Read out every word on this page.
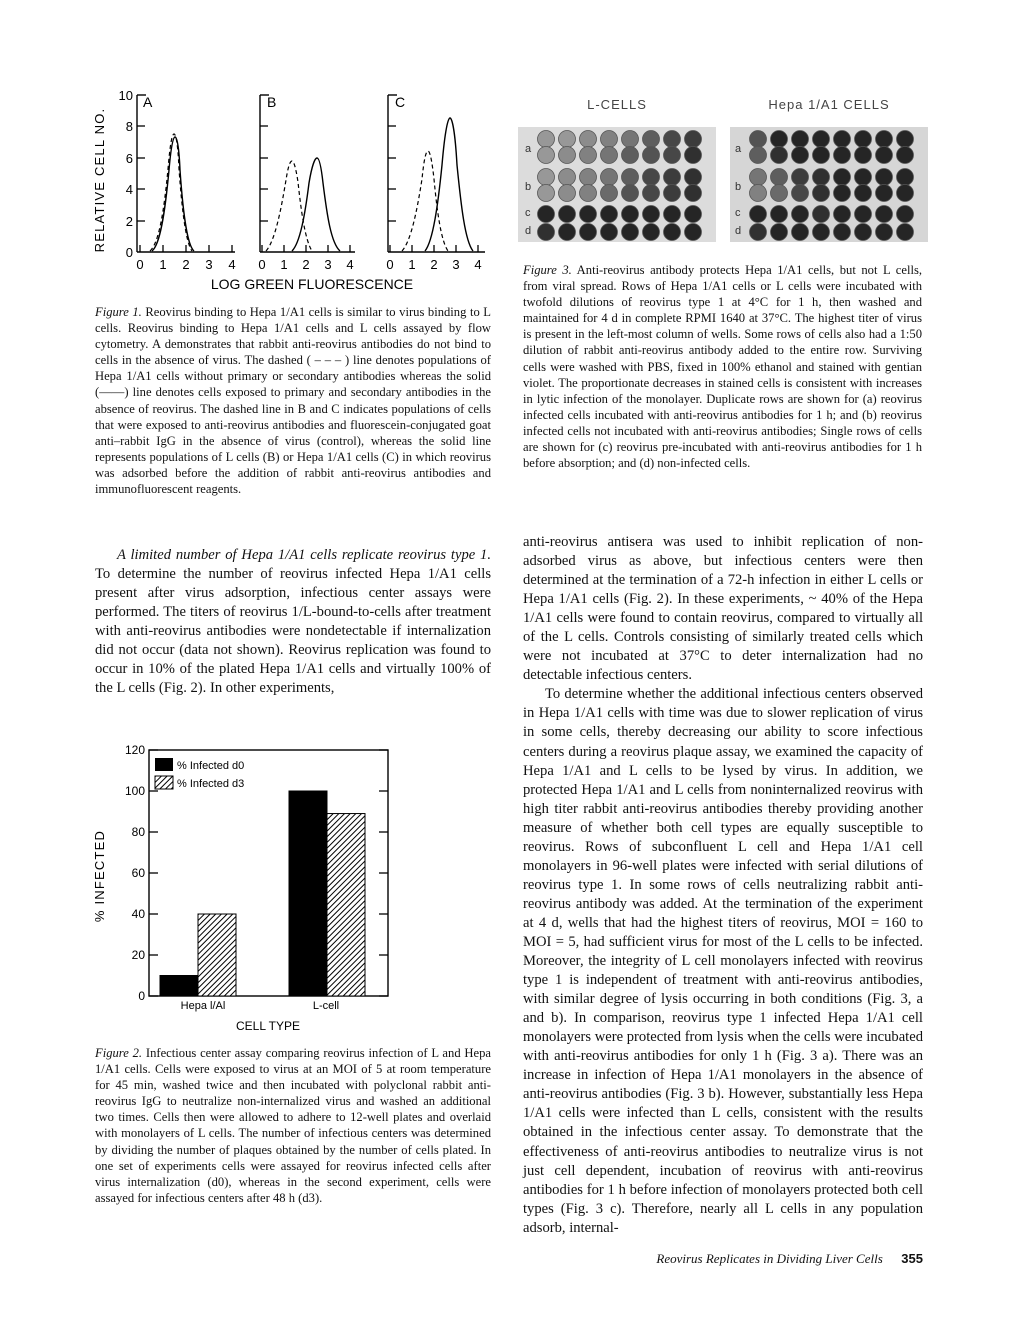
RELATIVE CELL NO.
0
2
4
6
8
10 A
0 1 2 3 4
B
0 1 2 3 4
C
0 1 2 3 4
LOG GREEN FLUORESCENCE
Figure 1. Reovirus binding to Hepa 1/A1 cells is similar to virus binding to L cells. Reovirus binding to Hepa 1/A1 cells and L cells assayed by flow cytometry. A demonstrates that rabbit anti-reovirus antibodies do not bind to cells in the absence of virus. The dashed ( – – – ) line denotes populations of Hepa 1/A1 cells without primary or secondary antibodies whereas the solid (——) line denotes cells exposed to primary and secondary antibodies in the absence of reovirus. The dashed line in B and C indicates populations of cells that were exposed to anti-reovirus antibodies and fluorescein-conjugated goat anti–rabbit IgG in the absence of virus (control), whereas the solid line represents populations of L cells (B) or Hepa 1/A1 cells (C) in which reovirus was adsorbed before the addition of rabbit anti-reovirus antibodies and immunofluorescent reagents.
L-CELLS	Hepa 1/A1 CELLS
a
b
c
d
a
b
c
d
Figure 3. Anti-reovirus antibody protects Hepa 1/A1 cells, but not L cells, from viral spread. Rows of Hepa 1/A1 cells or L cells were incubated with twofold dilutions of reovirus type 1 at 4°C for 1 h, then washed and maintained for 4 d in complete RPMI 1640 at 37°C. The highest titer of virus is present in the left-most column of wells. Some rows of cells also had a 1:50 dilution of rabbit anti-reovirus antibody added to the entire row. Surviving cells were washed with PBS, fixed in 100% ethanol and stained with gentian violet. The proportionate decreases in stained cells is consistent with increases in lytic infection of the monolayer. Duplicate rows are shown for (a) reovirus infected cells incubated with anti-reovirus antibodies for 1 h; and (b) reovirus infected cells not incubated with anti-reovirus antibodies; Single rows of cells are shown for (c) reovirus pre-incubated with anti-reovirus antibodies for 1 h before absorption; and (d) non-infected cells.

A limited number of Hepa 1/A1 cells replicate reovirus type 1. To determine the number of reovirus infected Hepa 1/A1 cells present after virus adsorption, infectious center assays were performed. The titers of reovirus 1/L-bound-to-cells after treatment with anti-reovirus antibodies were nondetectable if internalization did not occur (data not shown). Reovirus replication was found to occur in 10% of the plated Hepa 1/A1 cells and virtually 100% of the L cells (Fig. 2). In other experiments,

% INFECTED
0
20
40
60
80
100
120
% Infected d0
% Infected d3
Hepa l/Al	L-cell
CELL TYPE
Figure 2. Infectious center assay comparing reovirus infection of L and Hepa 1/A1 cells. Cells were exposed to virus at an MOI of 5 at room temperature for 45 min, washed twice and then incubated with polyclonal rabbit anti-reovirus IgG to neutralize non-internalized virus and washed an additional two times. Cells then were allowed to adhere to 12-well plates and overlaid with monolayers of L cells. The number of infectious centers was determined by dividing the number of plaques obtained by the number of cells plated. In one set of experiments cells were assayed for reovirus infected cells after virus internalization (d0), whereas in the second experiment, cells were assayed for infectious centers after 48 h (d3).

anti-reovirus antisera was used to inhibit replication of non-adsorbed virus as above, but infectious centers were then determined at the termination of a 72-h infection in either L cells or Hepa 1/A1 cells (Fig. 2). In these experiments, ~ 40% of the Hepa 1/A1 cells were found to contain reovirus, compared to virtually all of the L cells. Controls consisting of similarly treated cells which were not incubated at 37°C to deter internalization had no detectable infectious centers.

To determine whether the additional infectious centers observed in Hepa 1/A1 cells with time was due to slower replication of virus in some cells, thereby decreasing our ability to score infectious centers during a reovirus plaque assay, we examined the capacity of Hepa 1/A1 and L cells to be lysed by virus. In addition, we protected Hepa 1/A1 and L cells from noninternalized reovirus with high titer rabbit anti-reovirus antibodies thereby providing another measure of whether both cell types are equally susceptible to reovirus. Rows of subconfluent L cell and Hepa 1/A1 cell monolayers in 96-well plates were infected with serial dilutions of reovirus type 1. In some rows of cells neutralizing rabbit anti-reovirus antibody was added. At the termination of the experiment at 4 d, wells that had the highest titers of reovirus, MOI = 160 to MOI = 5, had sufficient virus for most of the L cells to be infected. Moreover, the integrity of L cell monolayers infected with reovirus type 1 is independent of treatment with anti-reovirus antibodies, with similar degree of lysis occurring in both conditions (Fig. 3, a and b). In comparison, reovirus type 1 infected Hepa 1/A1 cell monolayers were protected from lysis when the cells were incubated with anti-reovirus antibodies for only 1 h (Fig. 3 a). There was an increase in infection of Hepa 1/A1 monolayers in the absence of anti-reovirus antibodies (Fig. 3 b). However, substantially less Hepa 1/A1 cells were infected than L cells, consistent with the results obtained in the infectious center assay. To demonstrate that the effectiveness of anti-reovirus antibodies to neutralize virus is not just cell dependent, incubation of reovirus with anti-reovirus antibodies for 1 h before infection of monolayers protected both cell types (Fig. 3 c). Therefore, nearly all L cells in any population adsorb, internal-

Reovirus Replicates in Dividing Liver Cells 355
